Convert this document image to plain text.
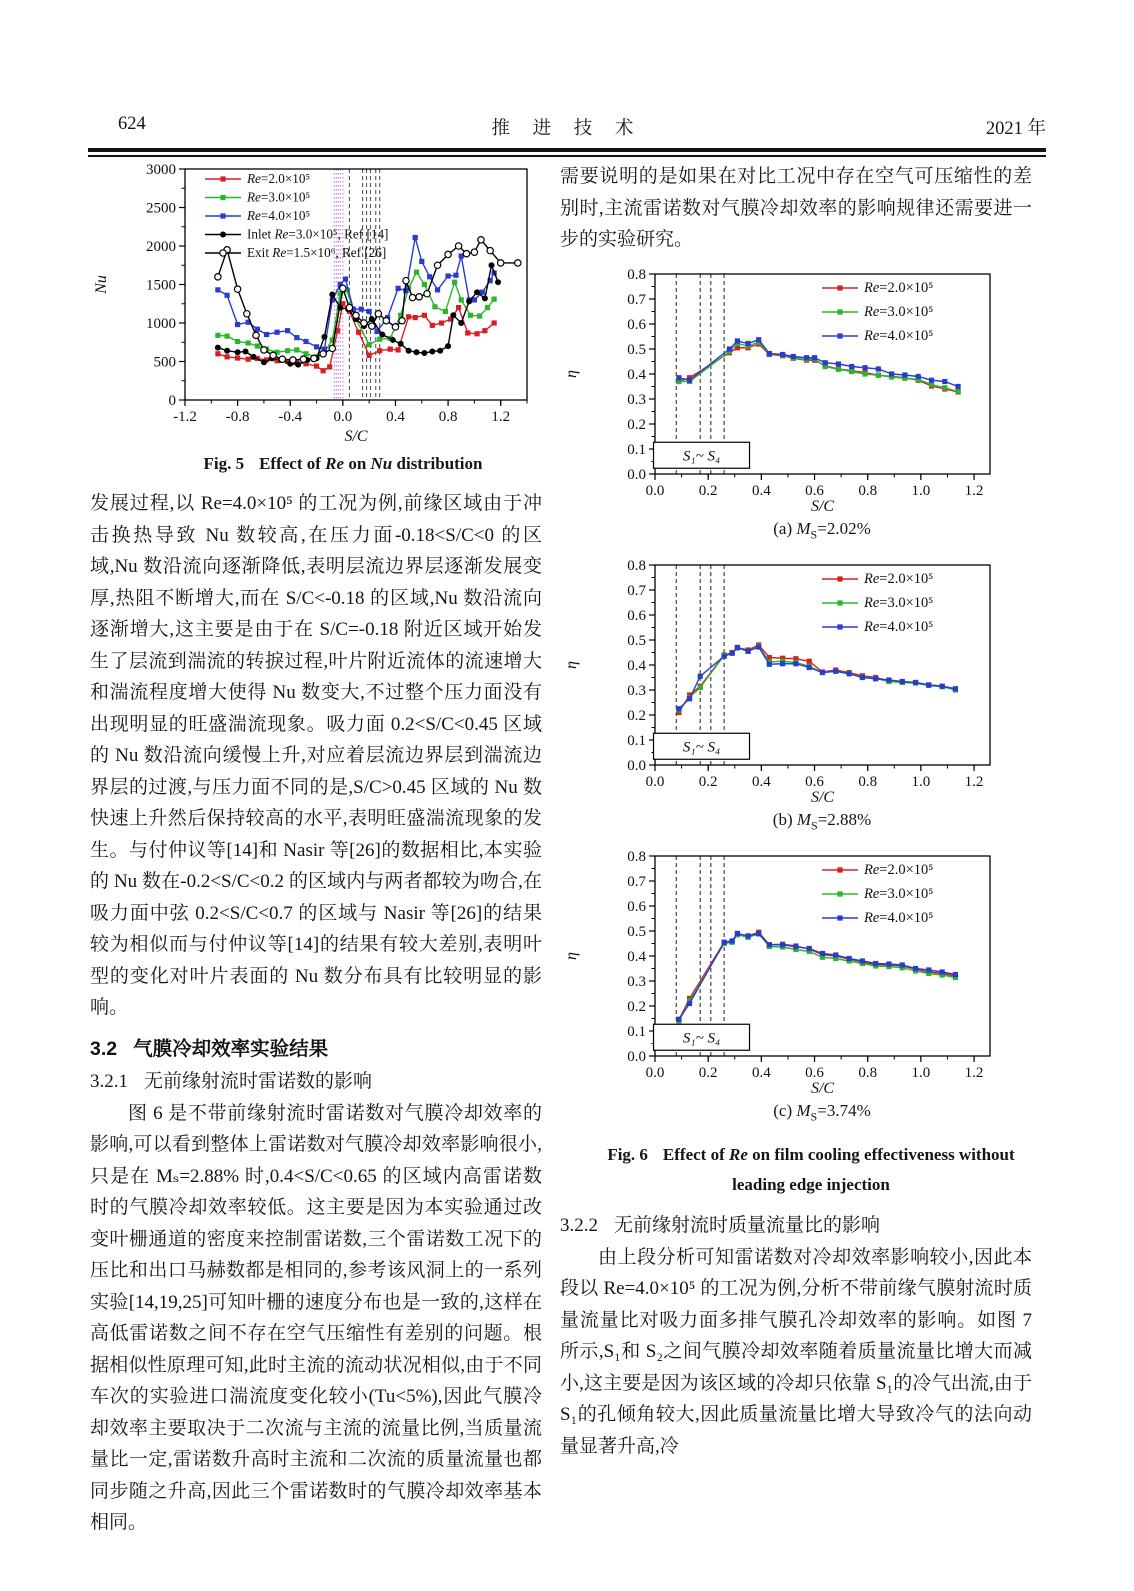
624	推 进 技 术	2021 年
-1.2 -0.8 -0.4 0.0 0.4 0.8 1.2
0
500
1000
1500
2000
2500
3000
S/C
Nu
Re=2.0×10⁵
Re=3.0×10⁵
Re=4.0×10⁵
Inlet Re=3.0×10⁵, Ref [14]
Exit Re=1.5×10⁶, Ref [26]
Fig. 5 Effect of Re on Nu distribution

发展过程,以 Re=4.0×10⁵ 的工况为例,前缘区域由于冲击换热导致 Nu 数较高,在压力面-0.18<S/C<0 的区域,Nu 数沿流向逐渐降低,表明层流边界层逐渐发展变厚,热阻不断增大,而在 S/C<-0.18 的区域,Nu 数沿流向逐渐增大,这主要是由于在 S/C=-0.18 附近区域开始发生了层流到湍流的转捩过程,叶片附近流体的流速增大和湍流程度增大使得 Nu 数变大,不过整个压力面没有出现明显的旺盛湍流现象。吸力面 0.2<S/C<0.45 区域的 Nu 数沿流向缓慢上升,对应着层流边界层到湍流边界层的过渡,与压力面不同的是,S/C>0.45 区域的 Nu 数快速上升然后保持较高的水平,表明旺盛湍流现象的发生。与付仲议等[14]和 Nasir 等[26]的数据相比,本实验的 Nu 数在-0.2<S/C<0.2 的区域内与两者都较为吻合,在吸力面中弦 0.2<S/C<0.7 的区域与 Nasir 等[26]的结果较为相似而与付仲议等[14]的结果有较大差别,表明叶型的变化对叶片表面的 Nu 数分布具有比较明显的影响。

3.2 气膜冷却效率实验结果
3.2.1 无前缘射流时雷诺数的影响

图 6 是不带前缘射流时雷诺数对气膜冷却效率的影响,可以看到整体上雷诺数对气膜冷却效率影响很小,只是在 Mₛ=2.88% 时,0.4<S/C<0.65 的区域内高雷诺数时的气膜冷却效率较低。这主要是因为本实验通过改变叶栅通道的密度来控制雷诺数,三个雷诺数工况下的压比和出口马赫数都是相同的,参考该风洞上的一系列实验[14,19,25]可知叶栅的速度分布也是一致的,这样在高低雷诺数之间不存在空气压缩性有差别的问题。根据相似性原理可知,此时主流的流动状况相似,由于不同车次的实验进口湍流度变化较小(Tu<5%),因此气膜冷却效率主要取决于二次流与主流的流量比例,当质量流量比一定,雷诺数升高时主流和二次流的质量流量也都同步随之升高,因此三个雷诺数时的气膜冷却效率基本相同。

需要说明的是如果在对比工况中存在空气可压缩性的差别时,主流雷诺数对气膜冷却效率的影响规律还需要进一步的实验研究。

0.0 0.2 0.4 0.6 0.8 1.0 1.2
0.0
0.1
0.2
0.3
0.4
0.5
0.6
0.7
0.8
S/C
η
Re=2.0×10⁵
Re=3.0×10⁵
Re=4.0×10⁵
S₁~ S₄
(a) $M_S=2.02\%$
0.0 0.2 0.4 0.6 0.8 1.0 1.2
0.0
0.1
0.2
0.3
0.4
0.5
0.6
0.7
0.8
S/C
η
Re=2.0×10⁵
Re=3.0×10⁵
Re=4.0×10⁵
S₁~ S₄
(b) $M_S=2.88\%$
0.0 0.2 0.4 0.6 0.8 1.0 1.2
0.0
0.1
0.2
0.3
0.4
0.5
0.6
0.7
0.8
S/C
η
Re=2.0×10⁵
Re=3.0×10⁵
Re=4.0×10⁵
S₁~ S₄
(c) $M_S=3.74\%$
Fig. 6 Effect of Re on film cooling effectiveness without
leading edge injection
3.2.2 无前缘射流时质量流量比的影响

由上段分析可知雷诺数对冷却效率影响较小,因此本段以 Re=4.0×10⁵ 的工况为例,分析不带前缘气膜射流时质量流量比对吸力面多排气膜孔冷却效率的影响。如图 7 所示,S₁和 S₂之间气膜冷却效率随着质量流量比增大而减小,这主要是因为该区域的冷却只依靠 S₁的冷气出流,由于 S₁的孔倾角较大,因此质量流量比增大导致冷气的法向动量显著升高,冷
